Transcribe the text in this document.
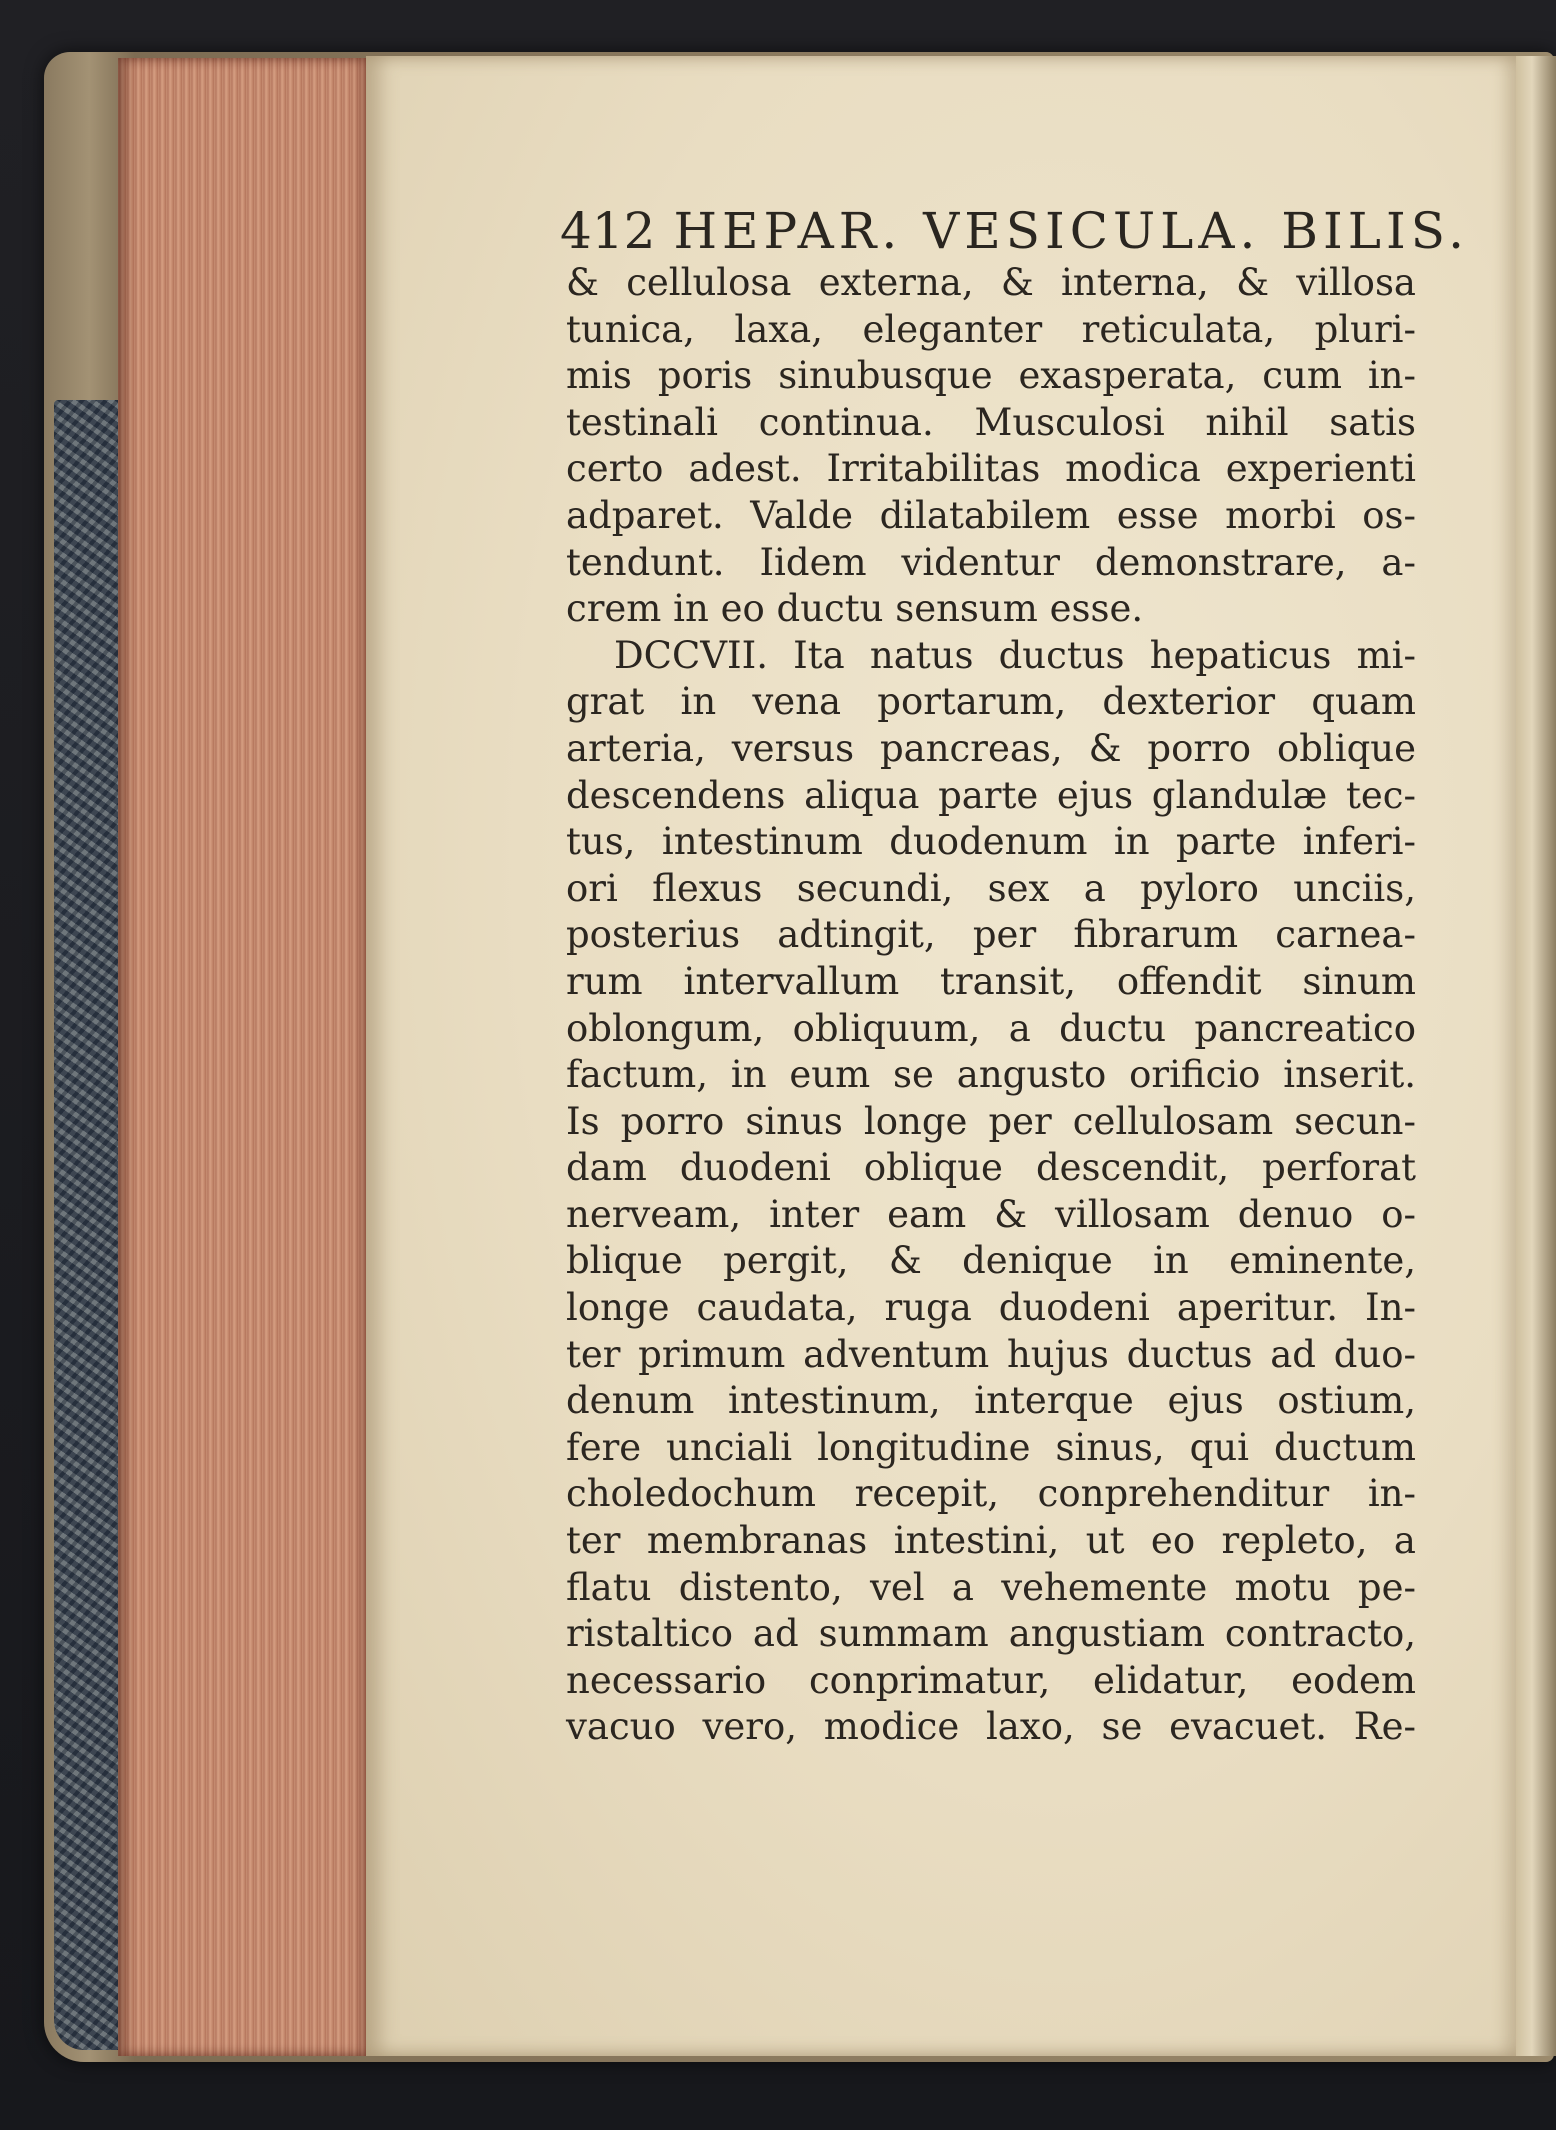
412 HEPAR. VESICULA. BILIS.
& cellulosa externa, & interna, & villosa
tunica, laxa, eleganter reticulata, pluri-
mis poris sinubusque exasperata, cum in-
testinali continua. Musculosi nihil satis
certo adest. Irritabilitas modica experienti
adparet. Valde dilatabilem esse morbi os-
tendunt. Iidem videntur demonstrare, a-
crem in eo ductu sensum esse.
DCCVII. Ita natus ductus hepaticus mi-
grat in vena portarum, dexterior quam
arteria, versus pancreas, & porro oblique
descendens aliqua parte ejus glandulæ tec-
tus, intestinum duodenum in parte inferi-
ori flexus secundi, sex a pyloro unciis,
posterius adtingit, per fibrarum carnea-
rum intervallum transit, offendit sinum
oblongum, obliquum, a ductu pancreatico
factum, in eum se angusto orificio inserit.
Is porro sinus longe per cellulosam secun-
dam duodeni oblique descendit, perforat
nerveam, inter eam & villosam denuo o-
blique pergit, & denique in eminente,
longe caudata, ruga duodeni aperitur. In-
ter primum adventum hujus ductus ad duo-
denum intestinum, interque ejus ostium,
fere unciali longitudine sinus, qui ductum
choledochum recepit, conprehenditur in-
ter membranas intestini, ut eo repleto, a
flatu distento, vel a vehemente motu pe-
ristaltico ad summam angustiam contracto,
necessario conprimatur, elidatur, eodem
vacuo vero, modice laxo, se evacuet. Re-
